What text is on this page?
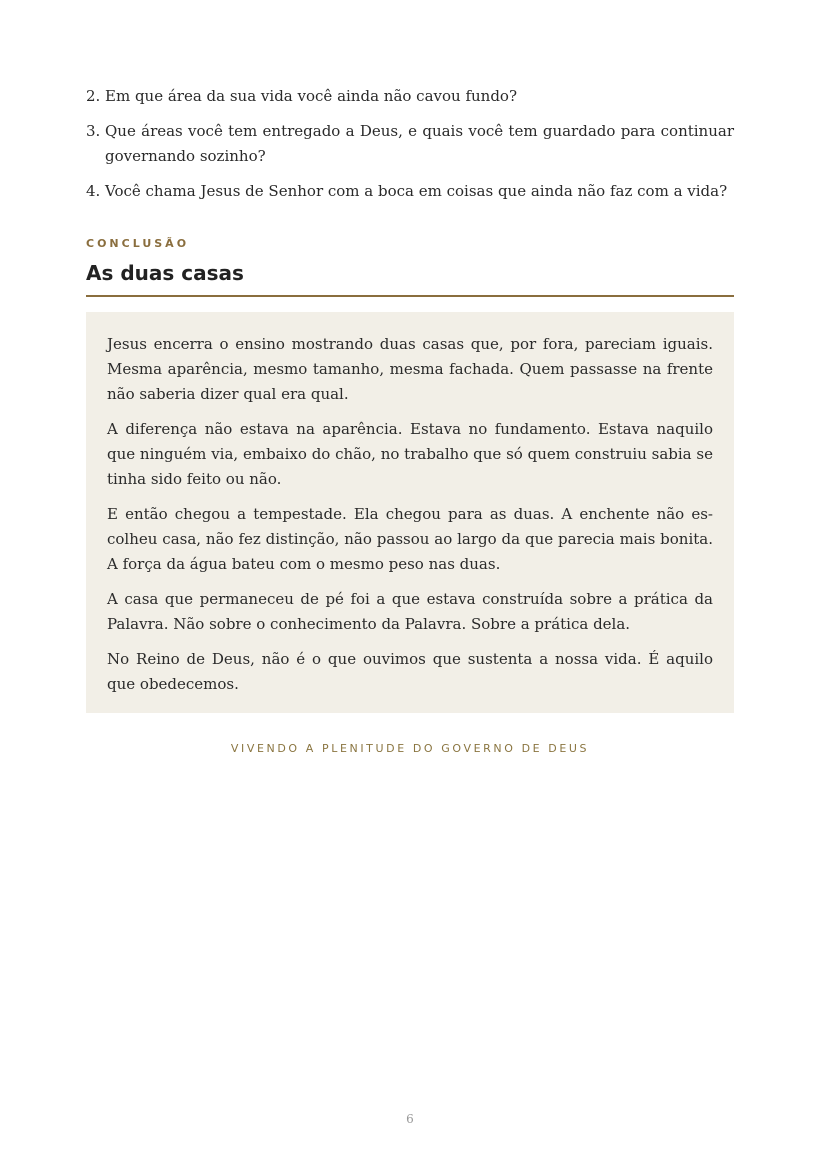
2. Em que área da sua vida você ainda não cavou fundo?
3. Que áreas você tem entregado a Deus, e quais você tem guardado para continuar governando sozinho?
4. Você chama Jesus de Senhor com a boca em coisas que ainda não faz com a vida?
CONCLUSÃO
As duas casas

Jesus encerra o ensino mostrando duas casas que, por fora, pareciam iguais. Mesma aparência, mesmo tamanho, mesma fachada. Quem passasse na frente não saberia dizer qual era qual.

A diferença não estava na aparência. Estava no fundamento. Estava naquilo que ninguém via, embaixo do chão, no trabalho que só quem construiu sabia se tinha sido feito ou não.

E então chegou a tempestade. Ela chegou para as duas. A enchente não es-colheu casa, não fez distinção, não passou ao largo da que parecia mais bonita. A força da água bateu com o mesmo peso nas duas.

A casa que permaneceu de pé foi a que estava construída sobre a prática da Palavra. Não sobre o conhecimento da Palavra. Sobre a prática dela.

No Reino de Deus, não é o que ouvimos que sustenta a nossa vida. É aquilo que obedecemos.

VIVENDO A PLENITUDE DO GOVERNO DE DEUS
6
